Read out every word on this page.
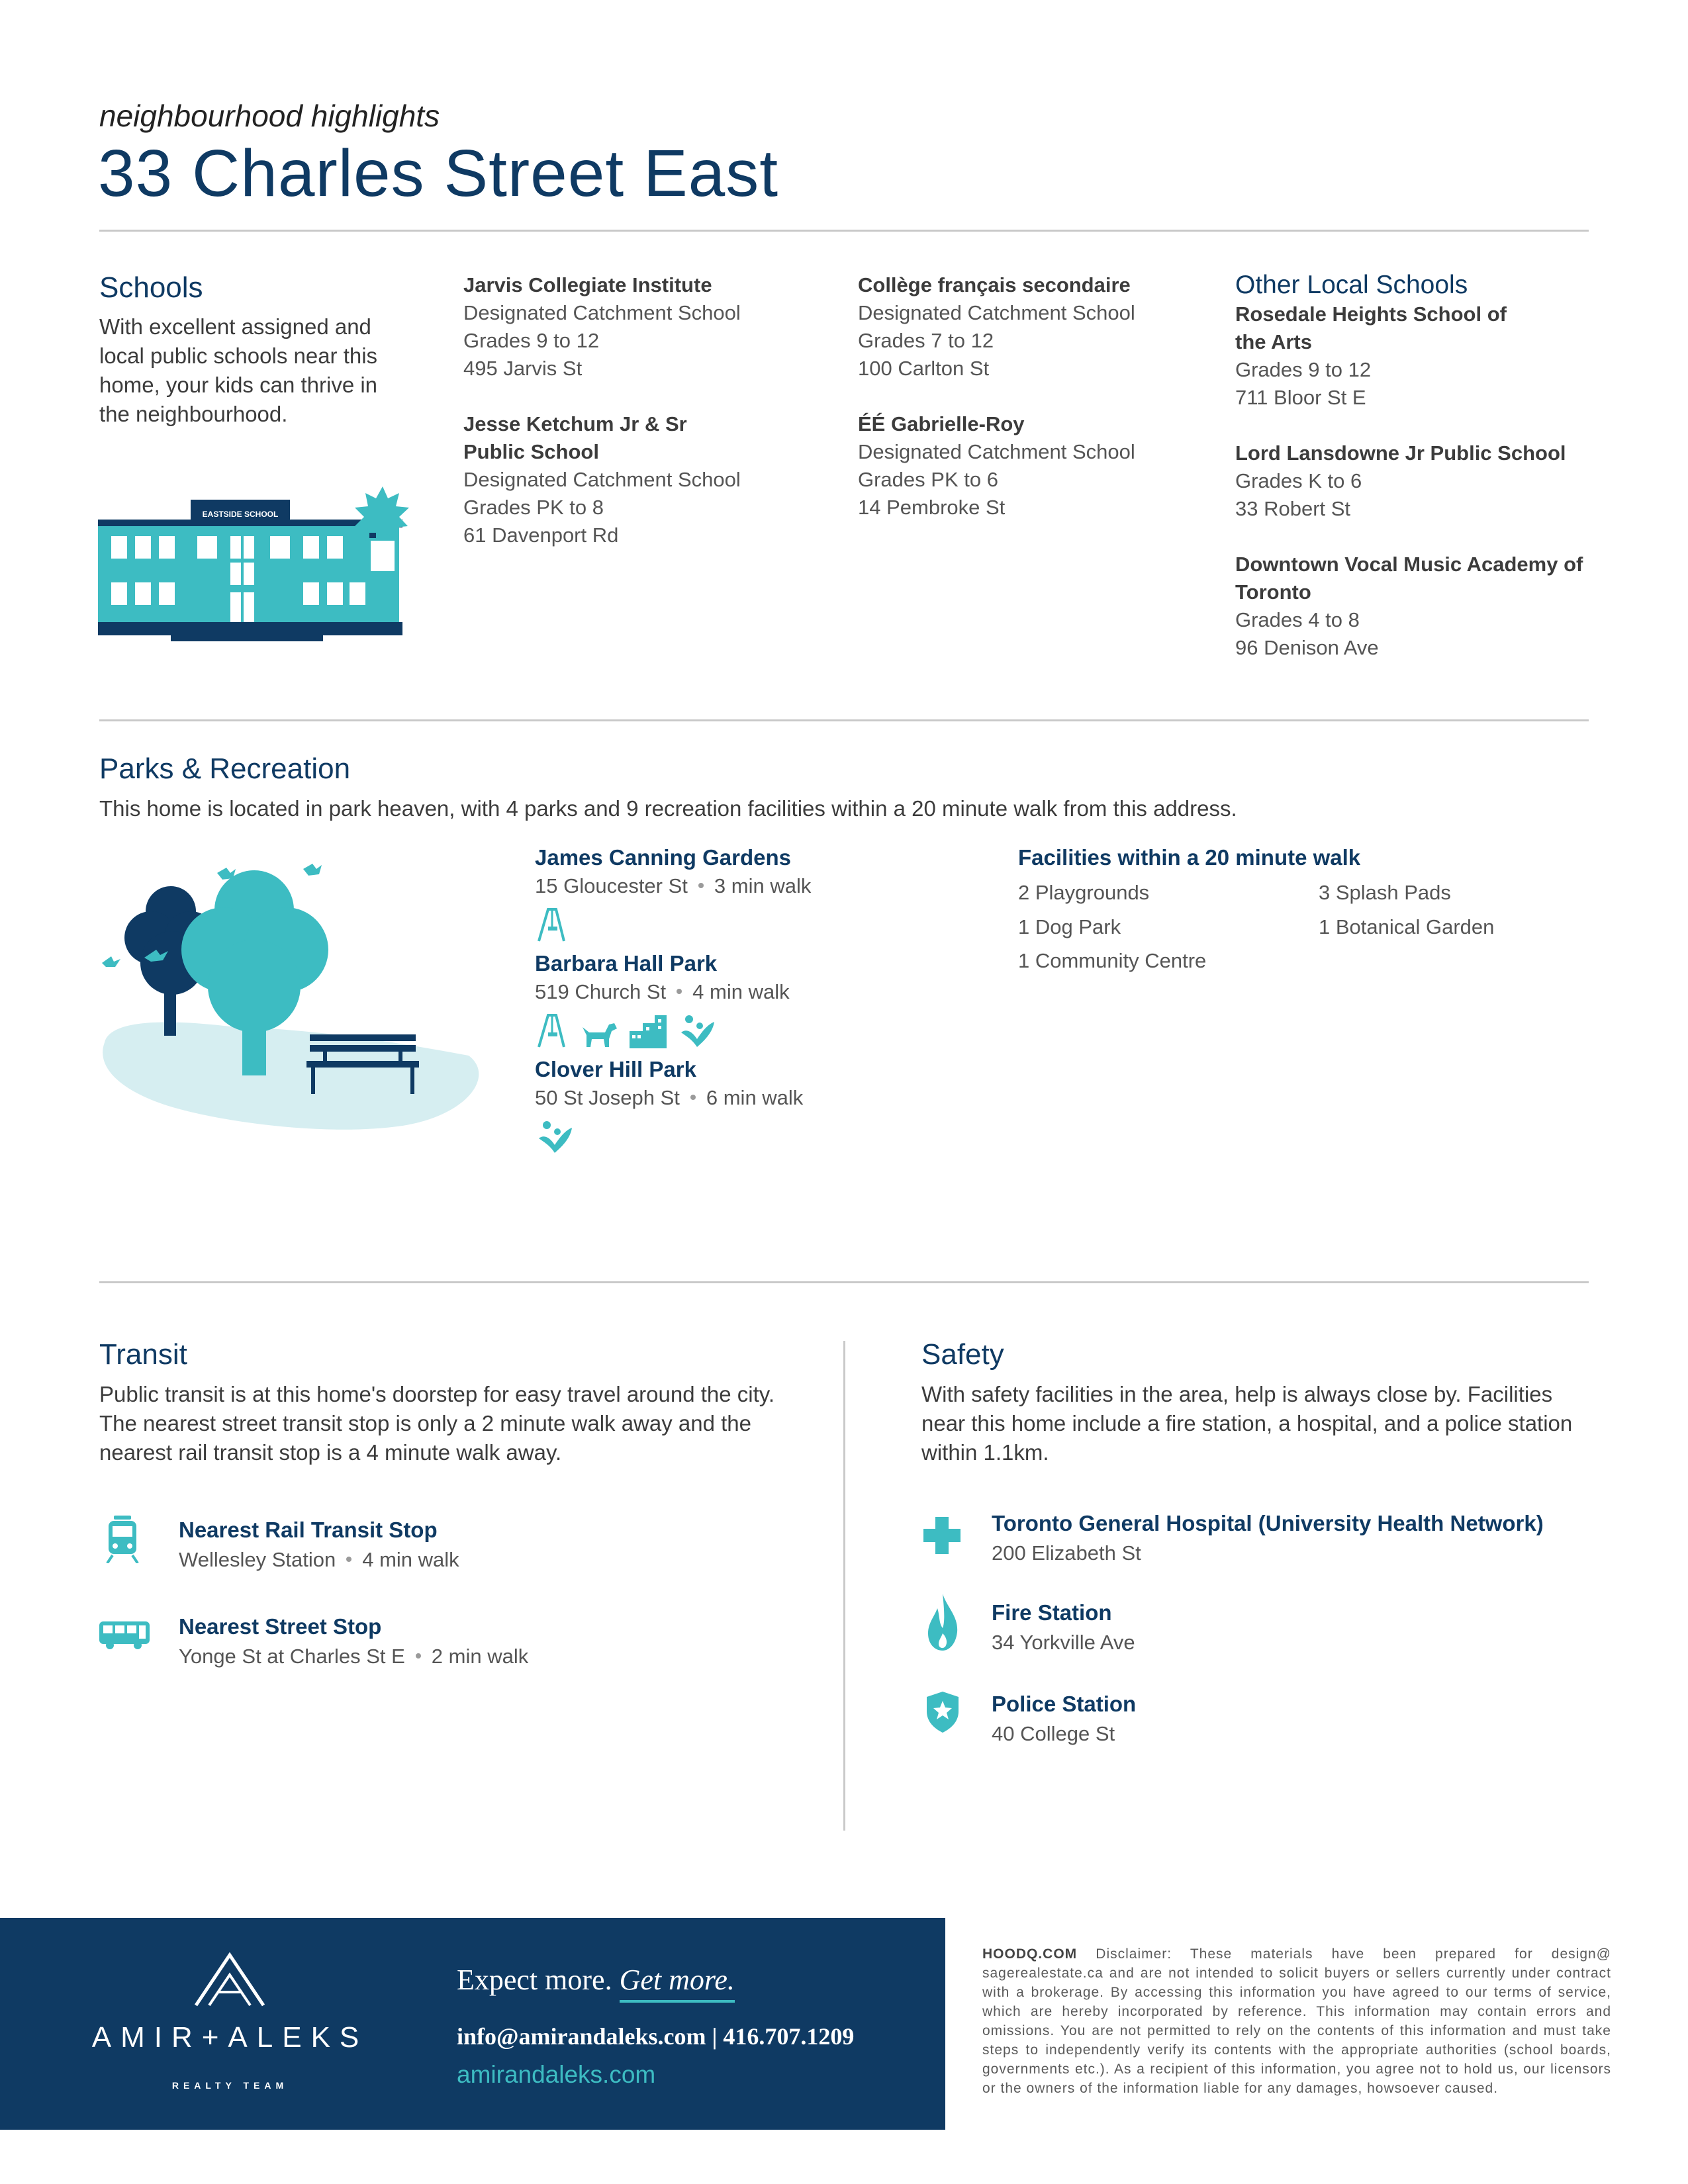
neighbourhood highlights
33 Charles Street East
Schools
With excellent assigned and local public schools near this home, your kids can thrive in the neighbourhood.
EASTSIDE SCHOOL
Jarvis Collegiate Institute
Designated Catchment School
Grades 9 to 12
495 Jarvis St
Jesse Ketchum Jr & Sr Public School
Designated Catchment School
Grades PK to 8
61 Davenport Rd
Collège français secondaire
Designated Catchment School
Grades 7 to 12
100 Carlton St
ÉÉ Gabrielle-Roy
Designated Catchment School
Grades PK to 6
14 Pembroke St
Other Local Schools
Rosedale Heights School of the Arts
Grades 9 to 12
711 Bloor St E
Lord Lansdowne Jr Public School
Grades K to 6
33 Robert St
Downtown Vocal Music Academy of Toronto
Grades 4 to 8
96 Denison Ave
Parks & Recreation
This home is located in park heaven, with 4 parks and 9 recreation facilities within a 20 minute walk from this address.
James Canning Gardens
15 Gloucester St 3 min walk
Barbara Hall Park
519 Church St 4 min walk

Clover Hill Park
50 St Joseph St 6 min walk
Facilities within a 20 minute walk
2 Playgrounds	3 Splash Pads
1 Dog Park	1 Botanical Garden
1 Community Centre
Transit
Public transit is at this home's doorstep for easy travel around the city. The nearest street transit stop is only a 2 minute walk away and the nearest rail transit stop is a 4 minute walk away.
Nearest Rail Transit Stop
Wellesley Station 4 min walk
Nearest Street Stop
Yonge St at Charles St E 2 min walk
Safety
With safety facilities in the area, help is always close by. Facilities near this home include a fire station, a hospital, and a police station within 1.1km.
Toronto General Hospital (University Health Network)
200 Elizabeth St
Fire Station
34 Yorkville Ave
Police Station
40 College St
AMIR+ALEKS
REALTY TEAM
Expect more. Get more.
info@amirandaleks.com | 416.707.1209
amirandaleks.com
HOODQ.COM Disclaimer: These materials have been prepared for design@ sagerealestate.ca and are not intended to solicit buyers or sellers currently under contract with a brokerage. By accessing this information you have agreed to our terms of service, which are hereby incorporated by reference. This information may contain errors and omissions. You are not permitted to rely on the contents of this information and must take steps to independently verify its contents with the appropriate authorities (school boards, governments etc.). As a recipient of this information, you agree not to hold us, our licensors or the owners of the information liable for any damages, howsoever caused.
